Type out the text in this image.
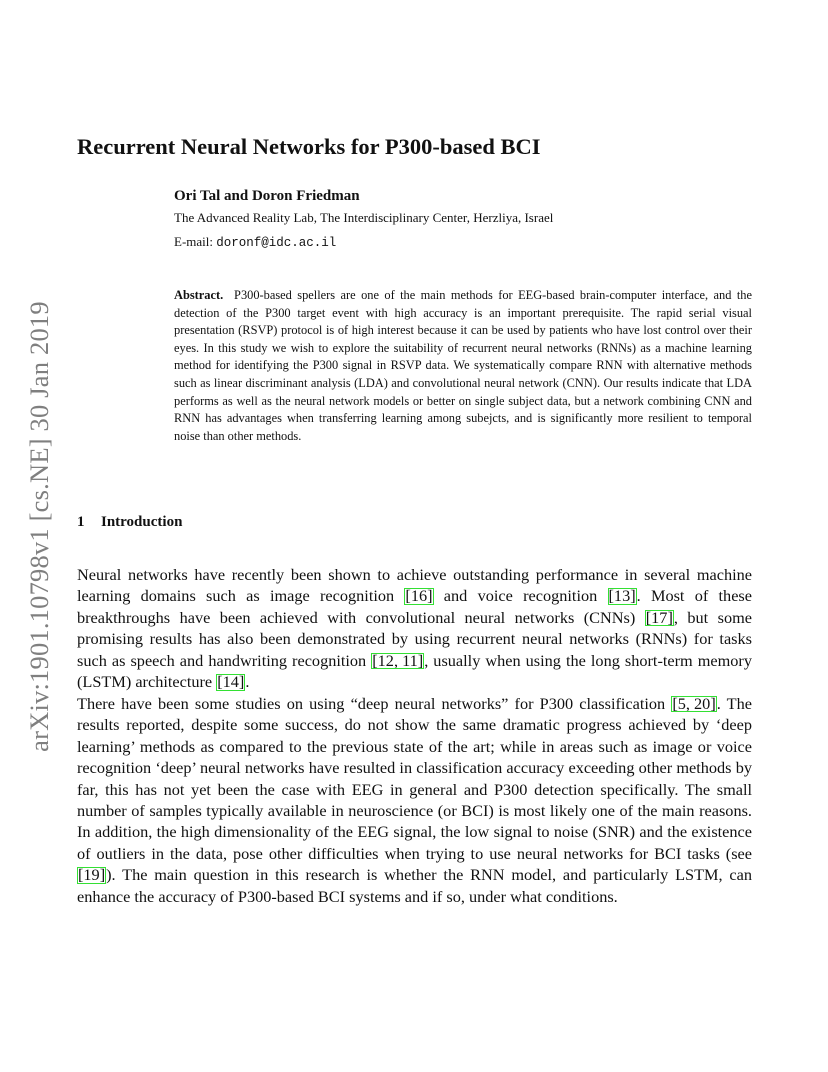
arXiv:1901.10798v1 [cs.NE] 30 Jan 2019
Recurrent Neural Networks for P300-based BCI
Ori Tal and Doron Friedman
The Advanced Reality Lab, The Interdisciplinary Center, Herzliya, Israel
E-mail: doronf@idc.ac.il

Abstract. P300-based spellers are one of the main methods for EEG-based brain-computer interface, and the detection of the P300 target event with high accuracy is an important prerequisite. The rapid serial visual presentation (RSVP) protocol is of high interest because it can be used by patients who have lost control over their eyes. In this study we wish to explore the suitability of recurrent neural networks (RNNs) as a machine learning method for identifying the P300 signal in RSVP data. We systematically compare RNN with alternative methods such as linear discriminant analysis (LDA) and convolutional neural network (CNN). Our results indicate that LDA performs as well as the neural network models or better on single subject data, but a network combining CNN and RNN has advantages when transferring learning among subejcts, and is significantly more resilient to temporal noise than other methods.

1 Introduction

Neural networks have recently been shown to achieve outstanding performance in several machine learning domains such as image recognition [16] and voice recognition [13]. Most of these breakthroughs have been achieved with convolutional neural networks (CNNs) [17], but some promising results has also been demonstrated by using recurrent neural networks (RNNs) for tasks such as speech and handwriting recognition [12, 11], usually when using the long short-term memory (LSTM) architecture [14].

There have been some studies on using “deep neural networks” for P300 classification [5, 20]. The results reported, despite some success, do not show the same dramatic progress achieved by ‘deep learning’ methods as compared to the previous state of the art; while in areas such as image or voice recognition ‘deep’ neural networks have resulted in classification accuracy exceeding other methods by far, this has not yet been the case with EEG in general and P300 detection specifically. The small number of samples typically available in neuroscience (or BCI) is most likely one of the main reasons. In addition, the high dimensionality of the EEG signal, the low signal to noise (SNR) and the existence of outliers in the data, pose other difficulties when trying to use neural networks for BCI tasks (see [19]). The main question in this research is whether the RNN model, and particularly LSTM, can enhance the accuracy of P300-based BCI systems and if so, under what conditions.
